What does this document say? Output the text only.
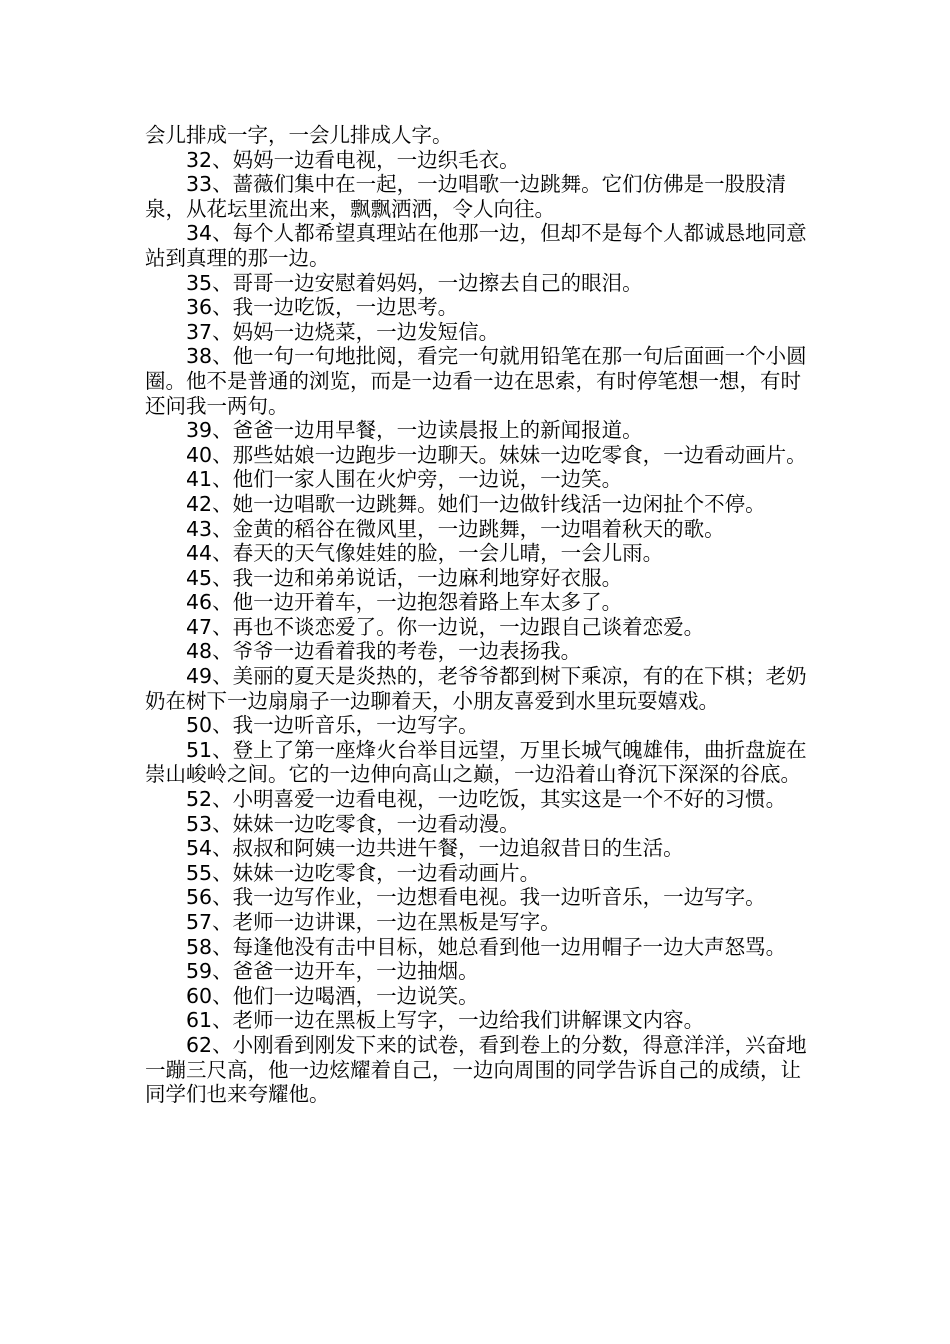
会儿排成一字，一会儿排成人字。

32、妈妈一边看电视，一边织毛衣。

33、蔷薇们集中在一起，一边唱歌一边跳舞。它们仿佛是一股股清泉，从花坛里流出来，飘飘洒洒，令人向往。

34、每个人都希望真理站在他那一边，但却不是每个人都诚恳地同意站到真理的那一边。

35、哥哥一边安慰着妈妈，一边擦去自己的眼泪。

36、我一边吃饭，一边思考。

37、妈妈一边烧菜，一边发短信。

38、他一句一句地批阅，看完一句就用铅笔在那一句后面画一个小圆圈。他不是普通的浏览，而是一边看一边在思索，有时停笔想一想，有时还问我一两句。

39、爸爸一边用早餐，一边读晨报上的新闻报道。

40、那些姑娘一边跑步一边聊天。妹妹一边吃零食，一边看动画片。

41、他们一家人围在火炉旁，一边说，一边笑。

42、她一边唱歌一边跳舞。她们一边做针线活一边闲扯个不停。

43、金黄的稻谷在微风里，一边跳舞，一边唱着秋天的歌。

44、春天的天气像娃娃的脸，一会儿晴，一会儿雨。

45、我一边和弟弟说话，一边麻利地穿好衣服。

46、他一边开着车，一边抱怨着路上车太多了。

47、再也不谈恋爱了。你一边说，一边跟自己谈着恋爱。

48、爷爷一边看着我的考卷，一边表扬我。

49、美丽的夏天是炎热的，老爷爷都到树下乘凉，有的在下棋；老奶奶在树下一边扇扇子一边聊着天，小朋友喜爱到水里玩耍嬉戏。

50、我一边听音乐，一边写字。

51、登上了第一座烽火台举目远望，万里长城气魄雄伟，曲折盘旋在崇山峻岭之间。它的一边伸向高山之巅，一边沿着山脊沉下深深的谷底。

52、小明喜爱一边看电视，一边吃饭，其实这是一个不好的习惯。

53、妹妹一边吃零食，一边看动漫。

54、叔叔和阿姨一边共进午餐，一边追叙昔日的生活。

55、妹妹一边吃零食，一边看动画片。

56、我一边写作业，一边想看电视。我一边听音乐，一边写字。

57、老师一边讲课，一边在黑板是写字。

58、每逢他没有击中目标，她总看到他一边用帽子一边大声怒骂。

59、爸爸一边开车，一边抽烟。

60、他们一边喝酒，一边说笑。

61、老师一边在黑板上写字，一边给我们讲解课文内容。

62、小刚看到刚发下来的试卷，看到卷上的分数，得意洋洋，兴奋地一蹦三尺高，他一边炫耀着自己，一边向周围的同学告诉自己的成绩，让同学们也来夸耀他。
